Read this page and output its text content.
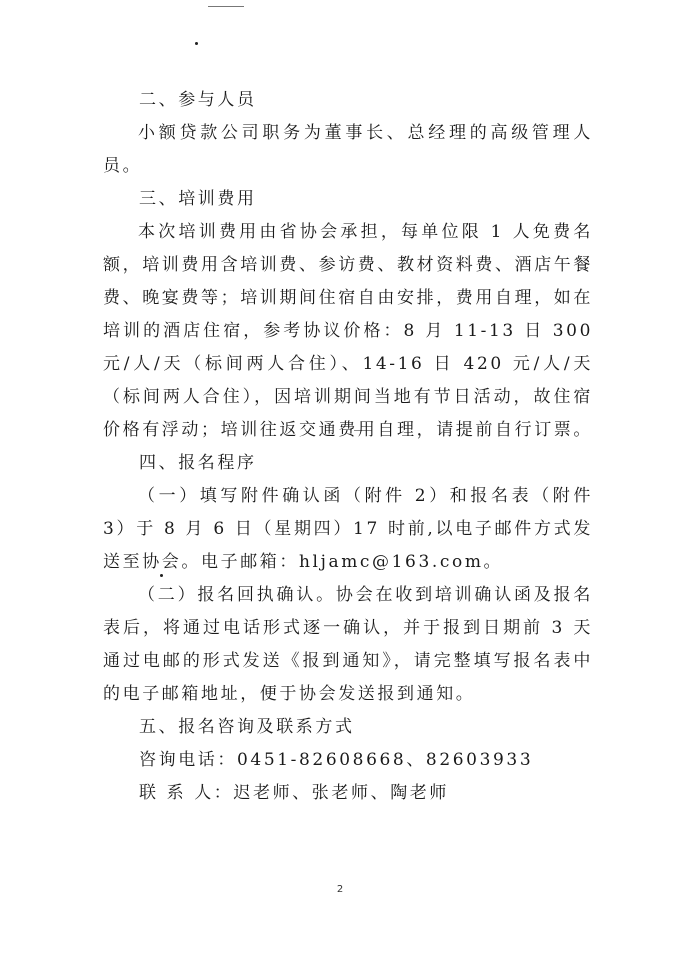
二、参与人员

小额贷款公司职务为董事长、总经理的高级管理人员。

三、培训费用

本次培训费用由省协会承担，每单位限 1 人免费名额，培训费用含培训费、参访费、教材资料费、酒店午餐费、晚宴费等；培训期间住宿自由安排，费用自理，如在培训的酒店住宿，参考协议价格：8 月 11-13 日 300 元/人/天（标间两人合住）、14-16 日 420 元/人/天（标间两人合住），因培训期间当地有节日活动，故住宿价格有浮动；培训往返交通费用自理，请提前自行订票。

四、报名程序

（一）填写附件确认函（附件 2）和报名表（附件 3）于 8 月 6 日（星期四）17 时前,以电子邮件方式发送至协会。电子邮箱：hljamc@163.com。

（二）报名回执确认。协会在收到培训确认函及报名表后，将通过电话形式逐一确认，并于报到日期前 3 天通过电邮的形式发送《报到通知》，请完整填写报名表中的电子邮箱地址，便于协会发送报到通知。

五、报名咨询及联系方式

咨询电话：0451-82608668、82603933

联 系 人：迟老师、张老师、陶老师

2
